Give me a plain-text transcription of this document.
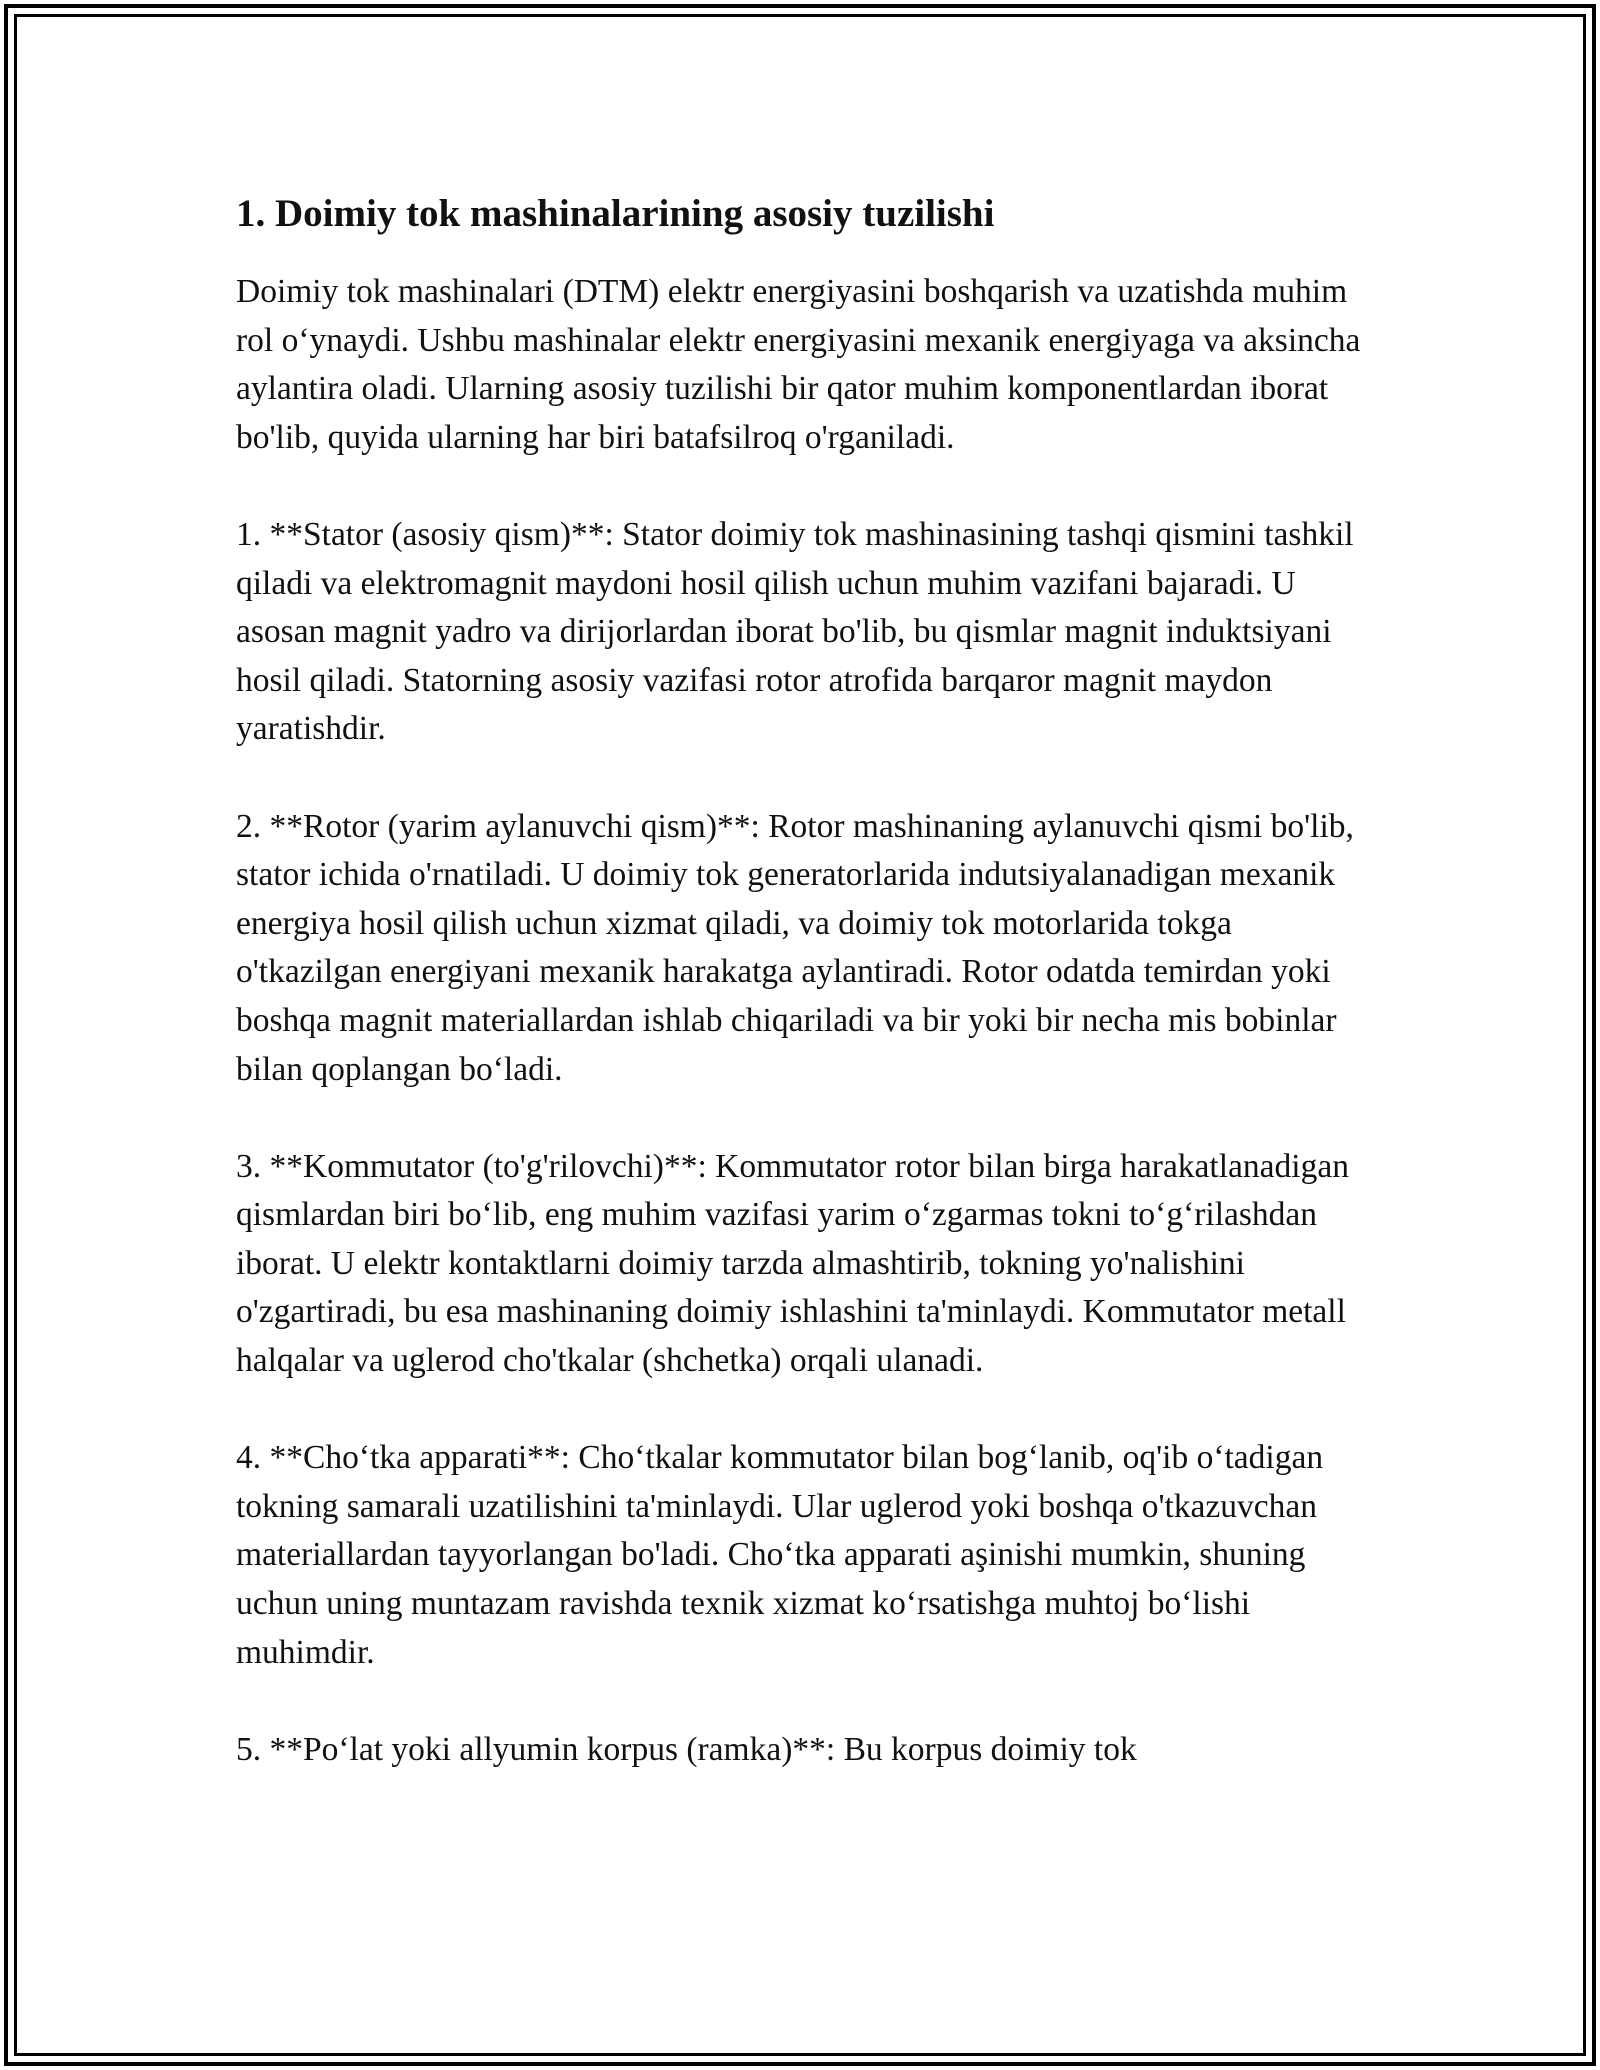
1. Doimiy tok mashinalarining asosiy tuzilishi

Doimiy tok mashinalari (DTM) elektr energiyasini boshqarish va uzatishda muhim rol o‘ynaydi. Ushbu mashinalar elektr energiyasini mexanik energiyaga va aksincha aylantira oladi. Ularning asosiy tuzilishi bir qator muhim komponentlardan iborat bo'lib, quyida ularning har biri batafsilroq o'rganiladi.

1. **Stator (asosiy qism)**: Stator doimiy tok mashinasining tashqi qismini tashkil qiladi va elektromagnit maydoni hosil qilish uchun muhim vazifani bajaradi. U asosan magnit yadro va dirijorlardan iborat bo'lib, bu qismlar magnit induktsiyani hosil qiladi. Statorning asosiy vazifasi rotor atrofida barqaror magnit maydon yaratishdir.

2. **Rotor (yarim aylanuvchi qism)**: Rotor mashinaning aylanuvchi qismi bo'lib, stator ichida o'rnatiladi. U doimiy tok generatorlarida indutsiyalanadigan mexanik energiya hosil qilish uchun xizmat qiladi, va doimiy tok motorlarida tokga o'tkazilgan energiyani mexanik harakatga aylantiradi. Rotor odatda temirdan yoki boshqa magnit materiallardan ishlab chiqariladi va bir yoki bir necha mis bobinlar bilan qoplangan bo‘ladi.

3. **Kommutator (to'g'rilovchi)**: Kommutator rotor bilan birga harakatlanadigan qismlardan biri bo‘lib, eng muhim vazifasi yarim o‘zgarmas tokni to‘g‘rilashdan iborat. U elektr kontaktlarni doimiy tarzda almashtirib, tokning yo'nalishini o'zgartiradi, bu esa mashinaning doimiy ishlashini ta'minlaydi. Kommutator metall halqalar va uglerod cho'tkalar (shchetka) orqali ulanadi.

4. **Cho‘tka apparati**: Cho‘tkalar kommutator bilan bog‘lanib, oq'ib o‘tadigan tokning samarali uzatilishini ta'minlaydi. Ular uglerod yoki boshqa o'tkazuvchan materiallardan tayyorlangan bo'ladi. Cho‘tka apparati aşinishi mumkin, shuning uchun uning muntazam ravishda texnik xizmat ko‘rsatishga muhtoj bo‘lishi muhimdir.

5. **Po‘lat yoki allyumin korpus (ramka)**: Bu korpus doimiy tok
